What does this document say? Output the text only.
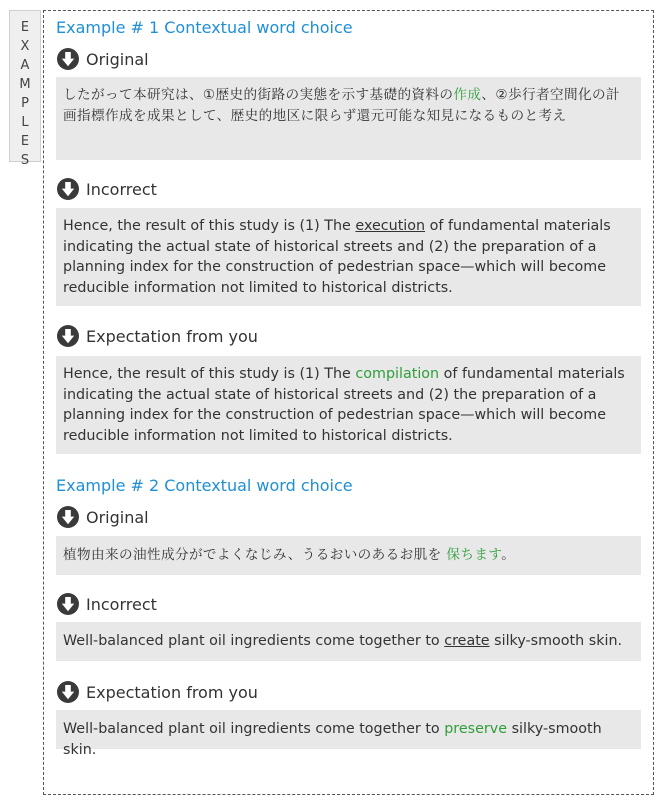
E
X
A
M
P
L
E
S
Example # 1 Contextual word choice
Original
したがって本研究は、①歴史的街路の実態を示す基礎的資料の作成、②歩行者空間化の計画指標作成を成果として、歴史的地区に限らず還元可能な知見になるものと考え
Incorrect
Hence, the result of this study is (1) The execution of fundamental materials indicating the actual state of historical streets and (2) the preparation of a planning index for the construction of pedestrian space—which will become reducible information not limited to historical districts.
Expectation from you
Hence, the result of this study is (1) The compilation of fundamental materials indicating the actual state of historical streets and (2) the preparation of a planning index for the construction of pedestrian space—which will become reducible information not limited to historical districts.
Example # 2 Contextual word choice
Original
植物由来の油性成分がでよくなじみ、うるおいのあるお肌を 保ちます。
Incorrect
Well-balanced plant oil ingredients come together to create silky-smooth skin.
Expectation from you
Well-balanced plant oil ingredients come together to preserve silky-smooth skin.
